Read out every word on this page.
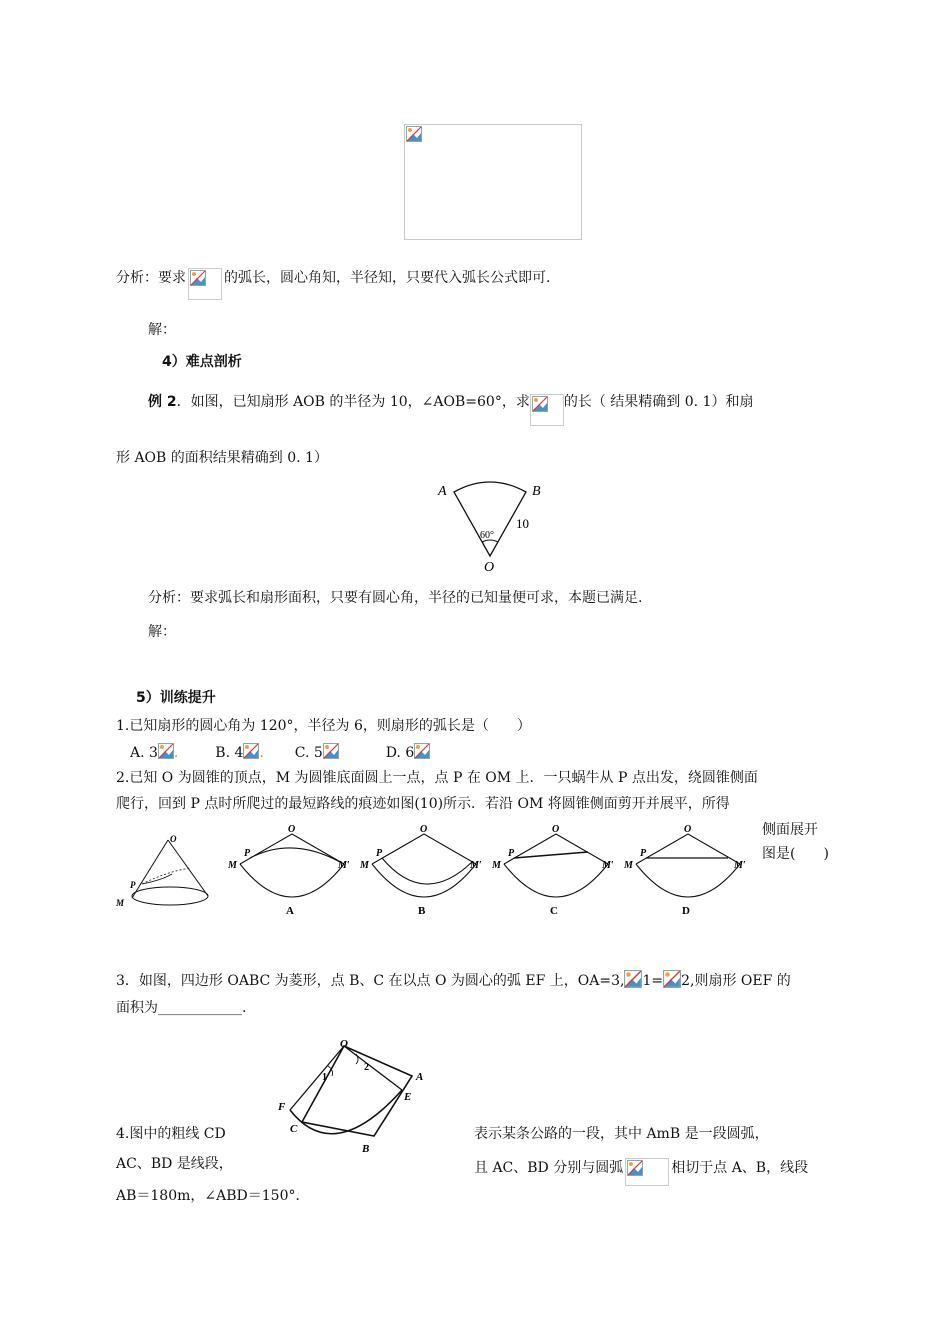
分析：要求	的弧长，圆心角知，半径知，只要代入弧长公式即可.
解：
4）难点剖析
例 2．如图，已知扇形 AOB 的半径为 10，∠AOB=60°，求 的长（ 结果精确到 0. 1）和扇
形 AOB 的面积结果精确到 0. 1）
A	B
O
10
60°
分析：要求弧长和扇形面积，只要有圆心角，半径的已知量便可求，本题已满足.
解：
5）训练提升
1.已知扇形的圆心角为 120°，半径为 6，则扇形的弧长是（　　）
A. 3 .	B. 4 . C. 5	D. 6
2.已知 O 为圆锥的顶点，M 为圆锥底面圆上一点，点 P 在 OM 上．一只蜗牛从 P 点出发，绕圆锥侧面
爬行，回到 P 点时所爬过的最短路线的痕迹如图(10)所示．若沿 OM 将圆锥侧面剪开并展平，所得
侧面展开
图是(　　)
O
P
M
O
M	M′
P
A
O
M	M′
P
B
O
M	M′
P
C
O
M	M′
P
D
3．如图，四边形 OABC 为菱形，点 B、C 在以点 O 为圆心的弧 EF 上，OA=3, 1= 2,则扇形 OEF 的
面积为____________.
O
A
E
F
C
B
1
2
4.图中的粗线 CD	表示某条公路的一段，其中 AmB 是一段圆弧，
AC、BD 是线段，	且 AC、BD 分别与圆弧	相切于点 A、B，线段
AB＝180m，∠ABD＝150°．
